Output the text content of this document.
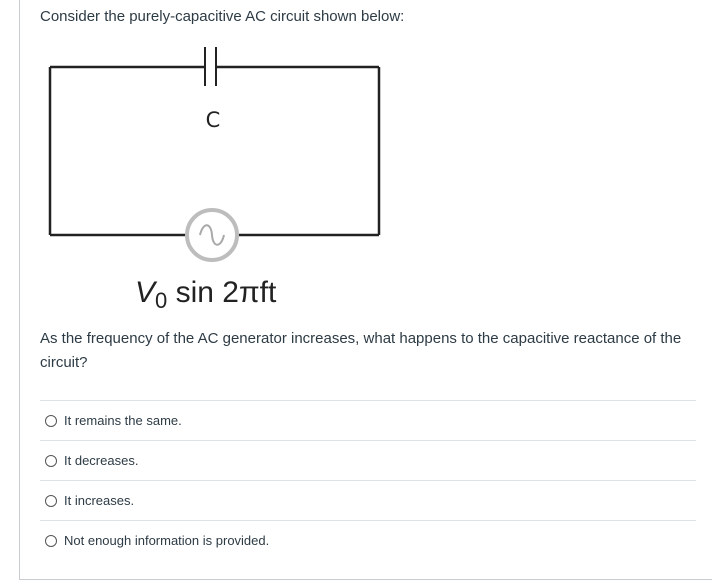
Consider the purely-capacitive AC circuit shown below:
C
$V_0$ sin 2πft
As the frequency of the AC generator increases, what happens to the capacitive reactance of the circuit?
It remains the same.
It decreases.
It increases.
Not enough information is provided.
